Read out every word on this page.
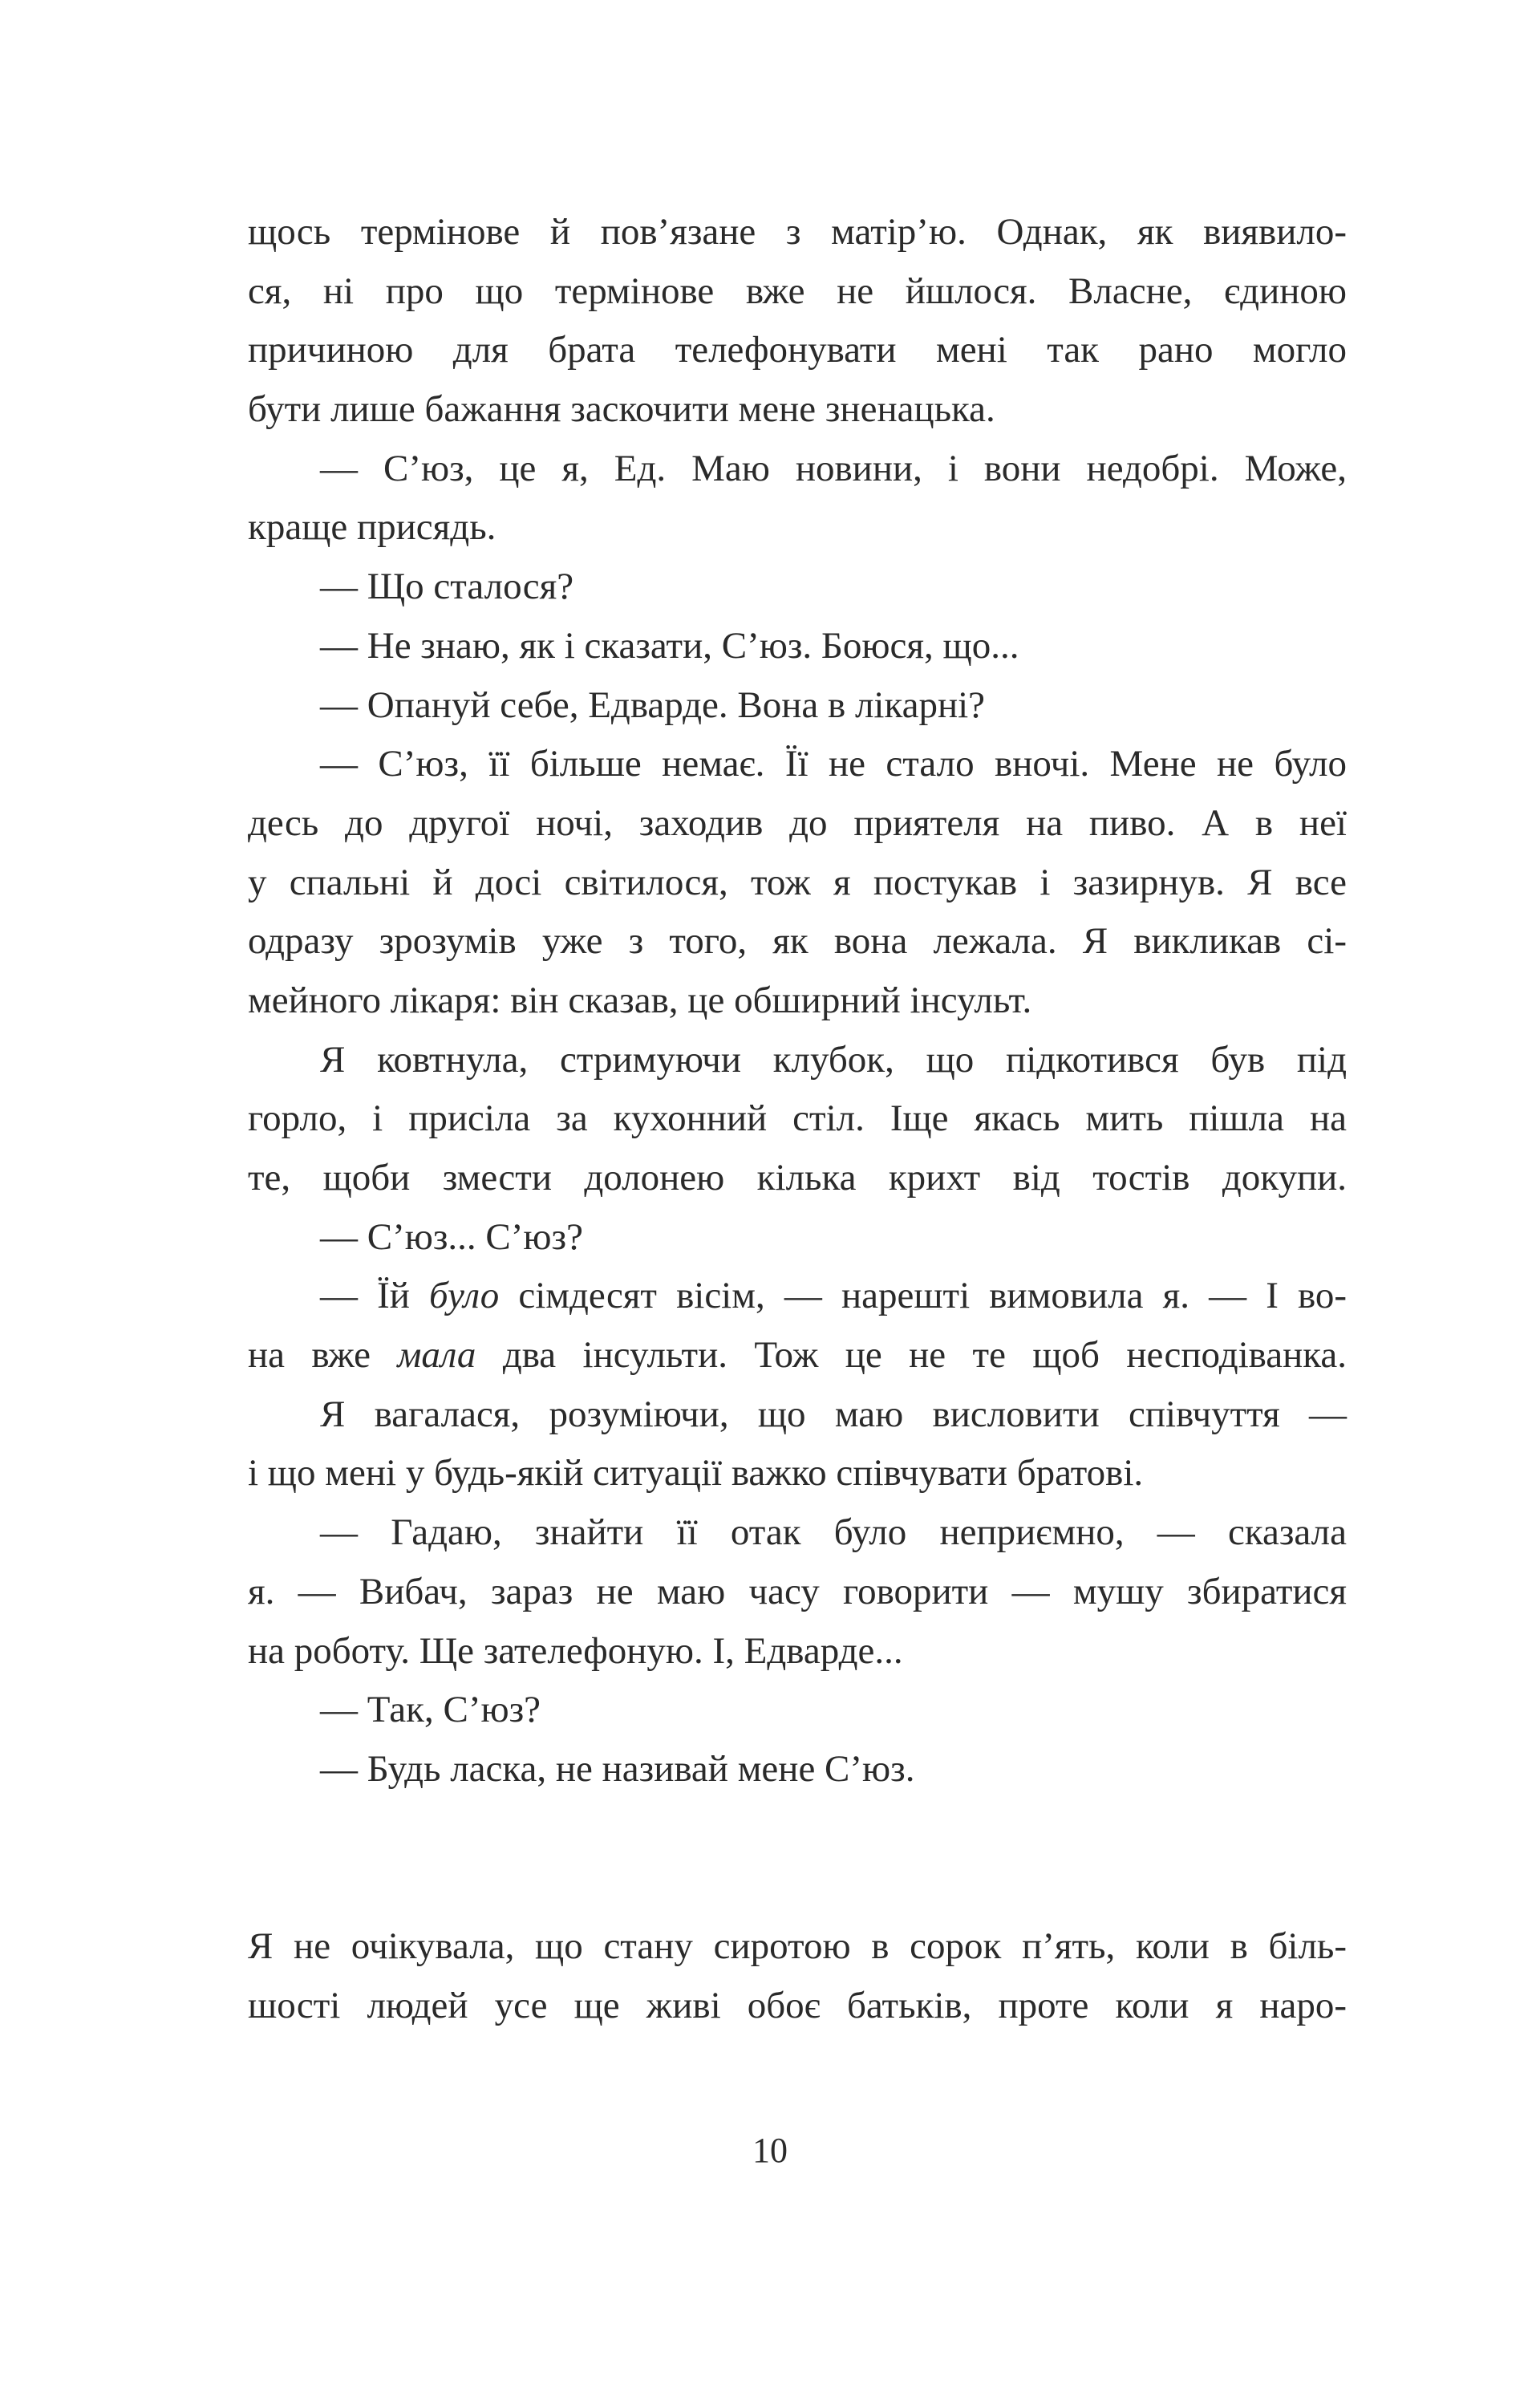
щось термінове й пов’язане з матір’ю. Однак, як виявило-
ся, ні про що термінове вже не йшлося. Власне, єдиною
причиною для брата телефонувати мені так рано могло
бути лише бажання заскочити мене зненацька.
— С’юз, це я, Ед. Маю новини, і вони недобрі. Може,
краще присядь.
— Що сталося?
— Не знаю, як і сказати, С’юз. Боюся, що...
— Опануй себе, Едварде. Вона в лікарні?
— С’юз, її більше немає. Її не стало вночі. Мене не було
десь до другої ночі, заходив до приятеля на пиво. А в неї
у спальні й досі світилося, тож я постукав і зазирнув. Я все
одразу зрозумів уже з того, як вона лежала. Я викликав сі-
мейного лікаря: він сказав, це обширний інсульт.
Я ковтнула, стримуючи клубок, що підкотився був під
горло, і присіла за кухонний стіл. Іще якась мить пішла на
те, щоби змести долонею кілька крихт від тостів докупи.
— С’юз... С’юз?
— Їй було сімдесят вісім, — нарешті вимовила я. — І во-
на вже мала два інсульти. Тож це не те щоб несподіванка.
Я вагалася, розуміючи, що маю висловити співчуття —
і що мені у будь-якій ситуації важко співчувати братові.
— Гадаю, знайти її отак було неприємно, — сказала
я. — Вибач, зараз не маю часу говорити — мушу збиратися
на роботу. Ще зателефоную. І, Едварде...
— Так, С’юз?
— Будь ласка, не називай мене С’юз.
Я не очікувала, що стану сиротою в сорок п’ять, коли в біль-
шості людей усе ще живі обоє батьків, проте коли я наро-
10
